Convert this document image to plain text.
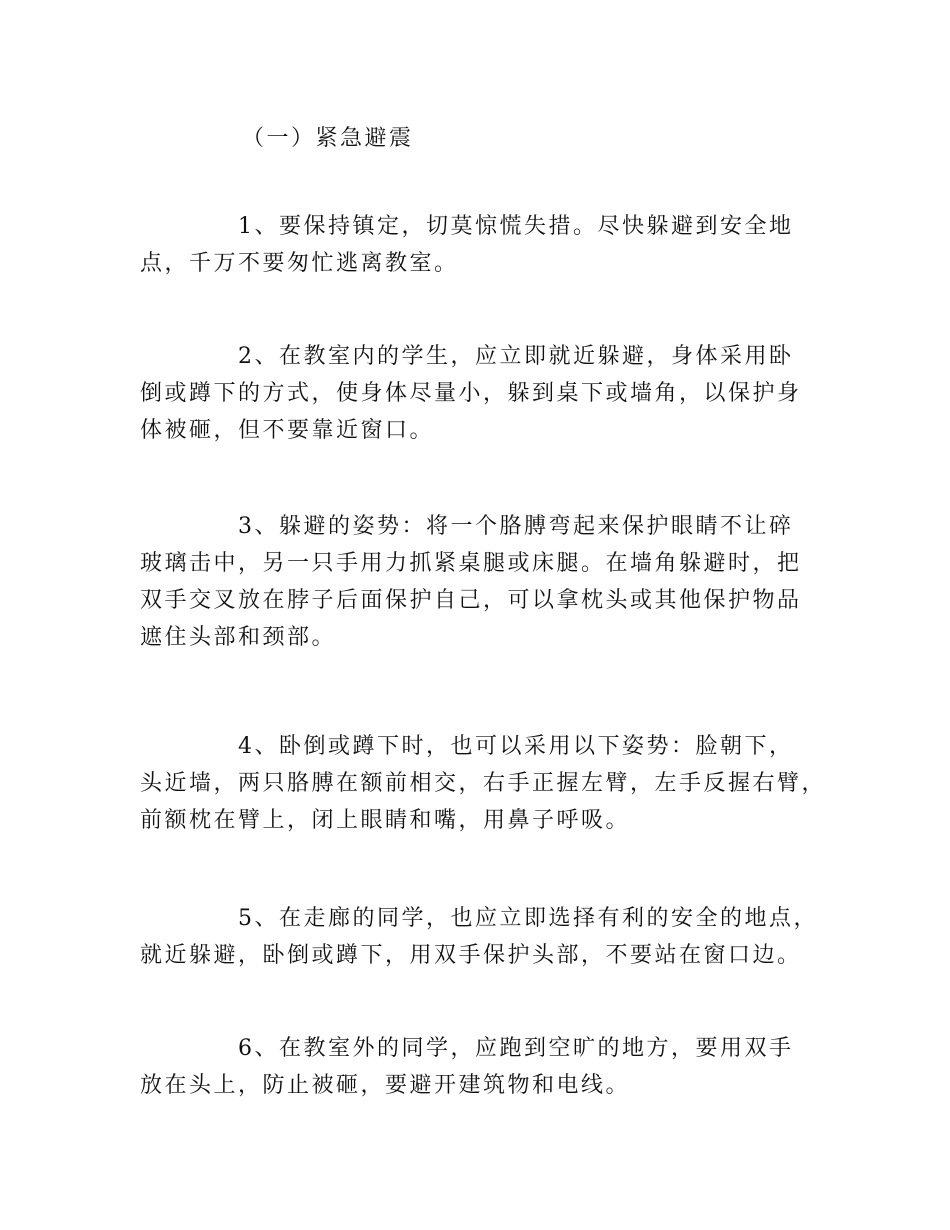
（一）紧急避震
1、要保持镇定，切莫惊慌失措。尽快躲避到安全地
点，千万不要匆忙逃离教室。
2、在教室内的学生，应立即就近躲避，身体采用卧
倒或蹲下的方式，使身体尽量小，躲到桌下或墙角，以保护身
体被砸，但不要靠近窗口。
3、躲避的姿势：将一个胳膊弯起来保护眼睛不让碎
玻璃击中，另一只手用力抓紧桌腿或床腿。在墙角躲避时，把
双手交叉放在脖子后面保护自己，可以拿枕头或其他保护物品
遮住头部和颈部。
4、卧倒或蹲下时，也可以采用以下姿势：脸朝下，
头近墙，两只胳膊在额前相交，右手正握左臂，左手反握右臂，
前额枕在臂上，闭上眼睛和嘴，用鼻子呼吸。
5、在走廊的同学，也应立即选择有利的安全的地点，
就近躲避，卧倒或蹲下，用双手保护头部，不要站在窗口边。
6、在教室外的同学，应跑到空旷的地方，要用双手
放在头上，防止被砸，要避开建筑物和电线。
